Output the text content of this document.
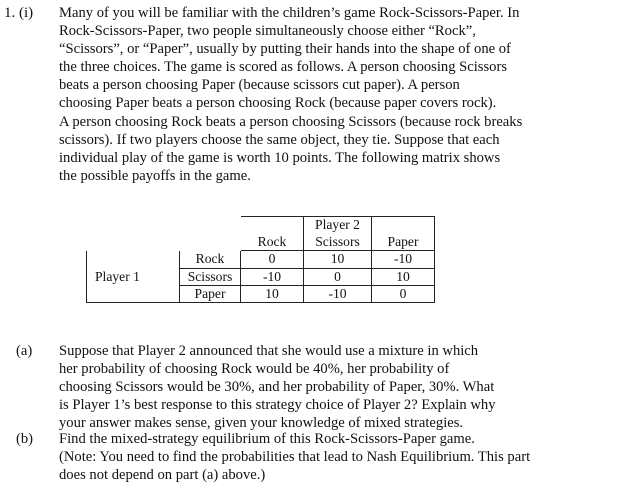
1. (i) Many of you will be familiar with the children’s game Rock-Scissors-Paper. In
Rock-Scissors-Paper, two people simultaneously choose either “Rock”,
“Scissors”, or “Paper”, usually by putting their hands into the shape of one of
the three choices. The game is scored as follows. A person choosing Scissors
beats a person choosing Paper (because scissors cut paper). A person
choosing Paper beats a person choosing Rock (because paper covers rock).
A person choosing Rock beats a person choosing Scissors (because rock breaks
scissors). If two players choose the same object, they tie. Suppose that each
individual play of the game is worth 10 points. The following matrix shows
the possible payoffs in the game.
			Player 2	
		Rock	Scissors	Paper
Player 1	Rock	0	10	-10
	Scissors	-10	0	10
	Paper	10	-10	0
(a) Suppose that Player 2 announced that she would use a mixture in which
her probability of choosing Rock would be 40%, her probability of
choosing Scissors would be 30%, and her probability of Paper, 30%. What
is Player 1’s best response to this strategy choice of Player 2? Explain why
your answer makes sense, given your knowledge of mixed strategies.
(b) Find the mixed-strategy equilibrium of this Rock-Scissors-Paper game.
(Note: You need to find the probabilities that lead to Nash Equilibrium. This part
does not depend on part (a) above.)
